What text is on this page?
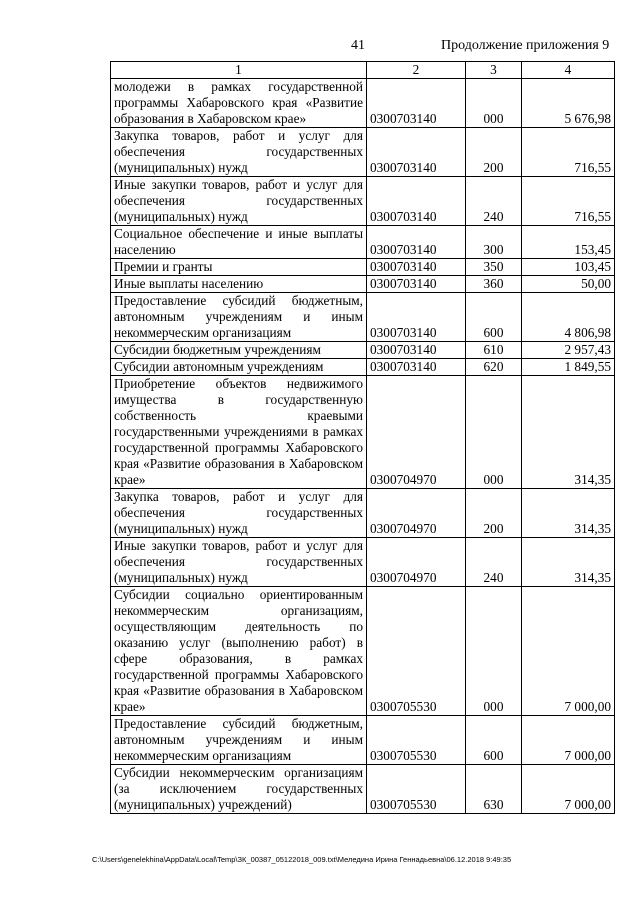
41	Продолжение приложения 9
1	2	3	4
молодежи в рамках государственной программы Хабаровского края «Развитие образования в Хабаровском крае»	0300703140	000	5 676,98
Закупка товаров, работ и услуг для обеспечения государственных (муниципальных) нужд	0300703140	200	716,55
Иные закупки товаров, работ и услуг для обеспечения государственных (муниципальных) нужд	0300703140	240	716,55
Социальное обеспечение и иные выплаты населению	0300703140	300	153,45
Премии и гранты	0300703140	350	103,45
Иные выплаты населению	0300703140	360	50,00
Предоставление субсидий бюджетным, автономным учреждениям и иным некоммерческим организациям	0300703140	600	4 806,98
Субсидии бюджетным учреждениям	0300703140	610	2 957,43
Субсидии автономным учреждениям	0300703140	620	1 849,55
Приобретение объектов недвижимого имущества в государственную собственность краевыми государственными учреждениями в рамках государственной программы Хабаровского края «Развитие образования в Хабаровском крае»	0300704970	000	314,35
Закупка товаров, работ и услуг для обеспечения государственных (муниципальных) нужд	0300704970	200	314,35
Иные закупки товаров, работ и услуг для обеспечения государственных (муниципальных) нужд	0300704970	240	314,35
Субсидии социально ориентированным некоммерческим организациям, осуществляющим деятельность по оказанию услуг (выполнению работ) в сфере образования, в рамках государственной программы Хабаровского края «Развитие образования в Хабаровском крае»	0300705530	000	7 000,00
Предоставление субсидий бюджетным, автономным учреждениям и иным некоммерческим организациям	0300705530	600	7 000,00
Субсидии некоммерческим организациям (за исключением государственных (муниципальных) учреждений)	0300705530	630	7 000,00
C:\Users\genelekhina\AppData\Local\Temp\ЗК_00387_05122018_009.txt\Меледина Ирина Геннадьевна\06.12.2018 9:49:35
